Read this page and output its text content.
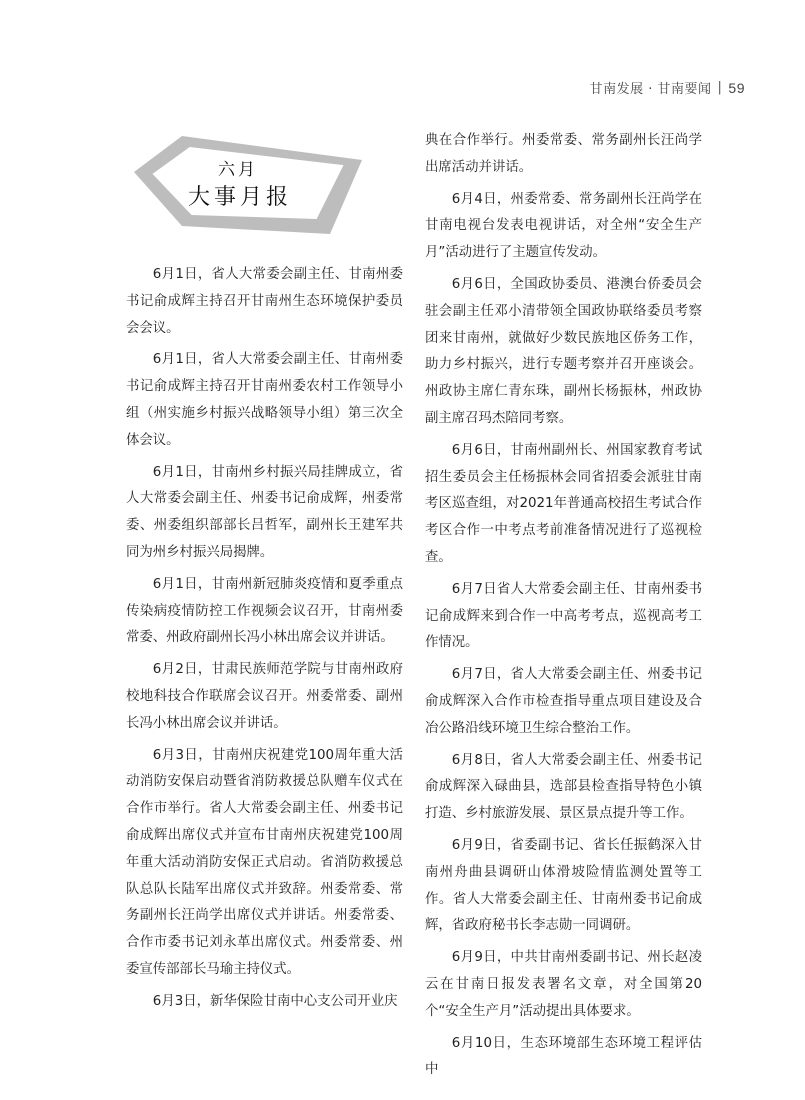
甘南发展 · 甘南要闻 | 59
六月
大事月报

6月1日，省人大常委会副主任、甘南州委书记俞成辉主持召开甘南州生态环境保护委员会会议。

6月1日，省人大常委会副主任、甘南州委书记俞成辉主持召开甘南州委农村工作领导小组（州实施乡村振兴战略领导小组）第三次全体会议。

6月1日，甘南州乡村振兴局挂牌成立，省人大常委会副主任、州委书记俞成辉，州委常委、州委组织部部长吕哲军，副州长王建军共同为州乡村振兴局揭牌。

6月1日，甘南州新冠肺炎疫情和夏季重点传染病疫情防控工作视频会议召开，甘南州委常委、州政府副州长冯小林出席会议并讲话。

6月2日，甘肃民族师范学院与甘南州政府校地科技合作联席会议召开。州委常委、副州长冯小林出席会议并讲话。

6月3日，甘南州庆祝建党100周年重大活动消防安保启动暨省消防救援总队赠车仪式在合作市举行。省人大常委会副主任、州委书记俞成辉出席仪式并宣布甘南州庆祝建党100周年重大活动消防安保正式启动。省消防救援总队总队长陆军出席仪式并致辞。州委常委、常务副州长汪尚学出席仪式并讲话。州委常委、合作市委书记刘永革出席仪式。州委常委、州委宣传部部长马瑜主持仪式。

6月3日，新华保险甘南中心支公司开业庆

典在合作举行。州委常委、常务副州长汪尚学出席活动并讲话。

6月4日，州委常委、常务副州长汪尚学在甘南电视台发表电视讲话，对全州“安全生产月”活动进行了主题宣传发动。

6月6日，全国政协委员、港澳台侨委员会驻会副主任邓小清带领全国政协联络委员考察团来甘南州，就做好少数民族地区侨务工作，助力乡村振兴，进行专题考察并召开座谈会。州政协主席仁青东珠，副州长杨振林，州政协副主席召玛杰陪同考察。

6月6日，甘南州副州长、州国家教育考试招生委员会主任杨振林会同省招委会派驻甘南考区巡查组，对2021年普通高校招生考试合作考区合作一中考点考前准备情况进行了巡视检查。

6月7日省人大常委会副主任、甘南州委书记俞成辉来到合作一中高考考点，巡视高考工作情况。

6月7日，省人大常委会副主任、州委书记俞成辉深入合作市检查指导重点项目建设及合冶公路沿线环境卫生综合整治工作。

6月8日，省人大常委会副主任、州委书记俞成辉深入碌曲县，选部县检查指导特色小镇打造、乡村旅游发展、景区景点提升等工作。

6月9日，省委副书记、省长任振鹤深入甘南州舟曲县调研山体滑坡险情监测处置等工作。省人大常委会副主任、甘南州委书记俞成辉，省政府秘书长李志勋一同调研。

6月9日，中共甘南州委副书记、州长赵凌云在甘南日报发表署名文章，对全国第20个“安全生产月”活动提出具体要求。

6月10日，生态环境部生态环境工程评估中
